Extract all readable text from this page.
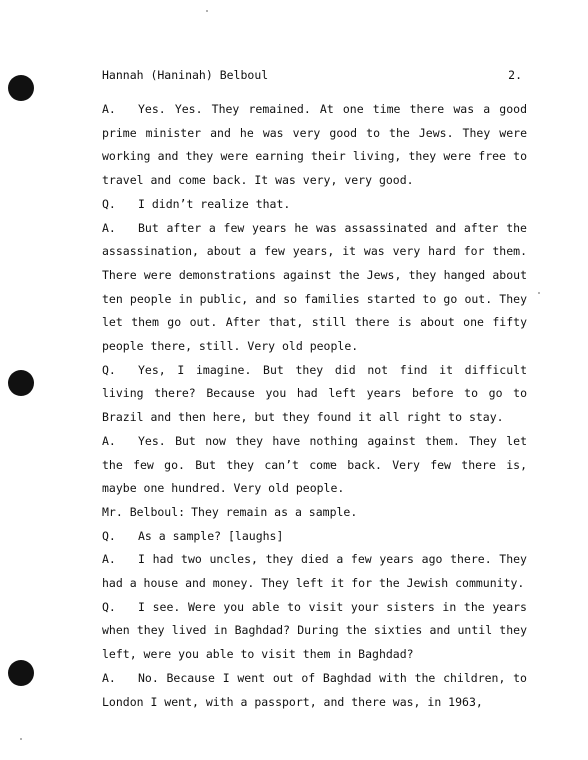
Hannah (Haninah) Belboul	2.

A. Yes. Yes. They remained. At one time there was a good prime minister and he was very good to the Jews. They were working and they were earning their living, they were free to travel and come back. It was very, very good.

Q. I didn’t realize that.

A. But after a few years he was assassinated and after the assassination, about a few years, it was very hard for them. There were demonstrations against the Jews, they hanged about ten people in public, and so families started to go out. They let them go out. After that, still there is about one fifty people there, still. Very old people.

Q. Yes, I imagine. But they did not find it difficult living there? Because you had left years before to go to Brazil and then here, but they found it all right to stay.

A. Yes. But now they have nothing against them. They let the few go. But they can’t come back. Very few there is, maybe one hundred. Very old people.

Mr. Belboul: They remain as a sample.

Q. As a sample? [laughs]

A. I had two uncles, they died a few years ago there. They had a house and money. They left it for the Jewish community.

Q. I see. Were you able to visit your sisters in the years when they lived in Baghdad? During the sixties and until they left, were you able to visit them in Baghdad?

A. No. Because I went out of Baghdad with the children, to London I went, with a passport, and there was, in 1963,
